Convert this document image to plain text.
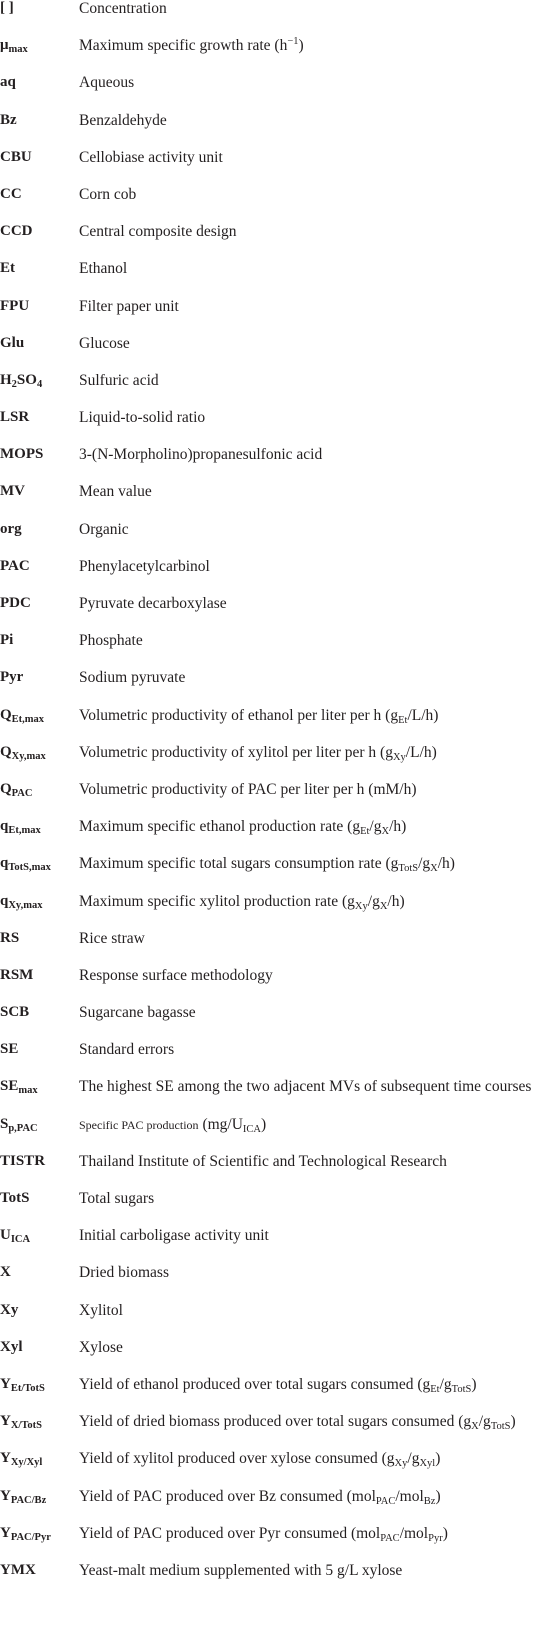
[ ]	Concentration
$\mu_{max}$	Maximum specific growth rate $(h^{-1})$
aq	Aqueous
Bz	Benzaldehyde
CBU	Cellobiase activity unit
CC	Corn cob
CCD	Central composite design
Et	Ethanol
FPU	Filter paper unit
Glu	Glucose
$H_2SO_4$ Sulfuric acid
LSR	Liquid-to-solid ratio
MOPS 3-(N-Morpholino)propanesulfonic acid
MV	Mean value
org	Organic
PAC	Phenylacetylcarbinol
PDC	Pyruvate decarboxylase
Pi	Phosphate
Pyr	Sodium pyruvate
$Q_{Et,max}$ Volumetric productivity of ethanol per liter per h $(g_{Et}/L/h)$
$Q_{Xy,max}$ Volumetric productivity of xylitol per liter per h $(g_{Xy}/L/h)$
$Q_{PAC}$	Volumetric productivity of PAC per liter per h (mM/h)
$q_{Et,max}$ Maximum specific ethanol production rate $(g_{Et}/g_X/h)$
$q_{TotS,max}$ Maximum specific total sugars consumption rate $(g_{TotS}/g_X/h)$
$q_{Xy,max}$ Maximum specific xylitol production rate $(g_{Xy}/g_X/h)$
RS	Rice straw
RSM	Response surface methodology
SCB	Sugarcane bagasse
SE	Standard errors
$SE_{max}$	The highest SE among the two adjacent MVs of subsequent time courses
$S_{p,PAC}$	Specific PAC production $(mg/U_{ICA})$
TISTR Thailand Institute of Scientific and Technological Research
TotS	Total sugars
$U_{ICA}$	Initial carboligase activity unit
X	Dried biomass
Xy	Xylitol
Xyl	Xylose
$Y_{Et/TotS}$ Yield of ethanol produced over total sugars consumed $(g_{Et}/g_{TotS})$
$Y_{X/TotS}$ Yield of dried biomass produced over total sugars consumed $(g_X/g_{TotS})$
$Y_{Xy/Xyl}$ Yield of xylitol produced over xylose consumed $(g_{Xy}/g_{Xyl})$
$Y_{PAC/Bz}$ Yield of PAC produced over Bz consumed (mol$_{PAC}$/mol$_{Bz}$)
$Y_{PAC/Pyr}$ Yield of PAC produced over Pyr consumed (mol$_{PAC}$/mol$_{Pyr}$)
YMX	Yeast-malt medium supplemented with 5 g/L xylose
